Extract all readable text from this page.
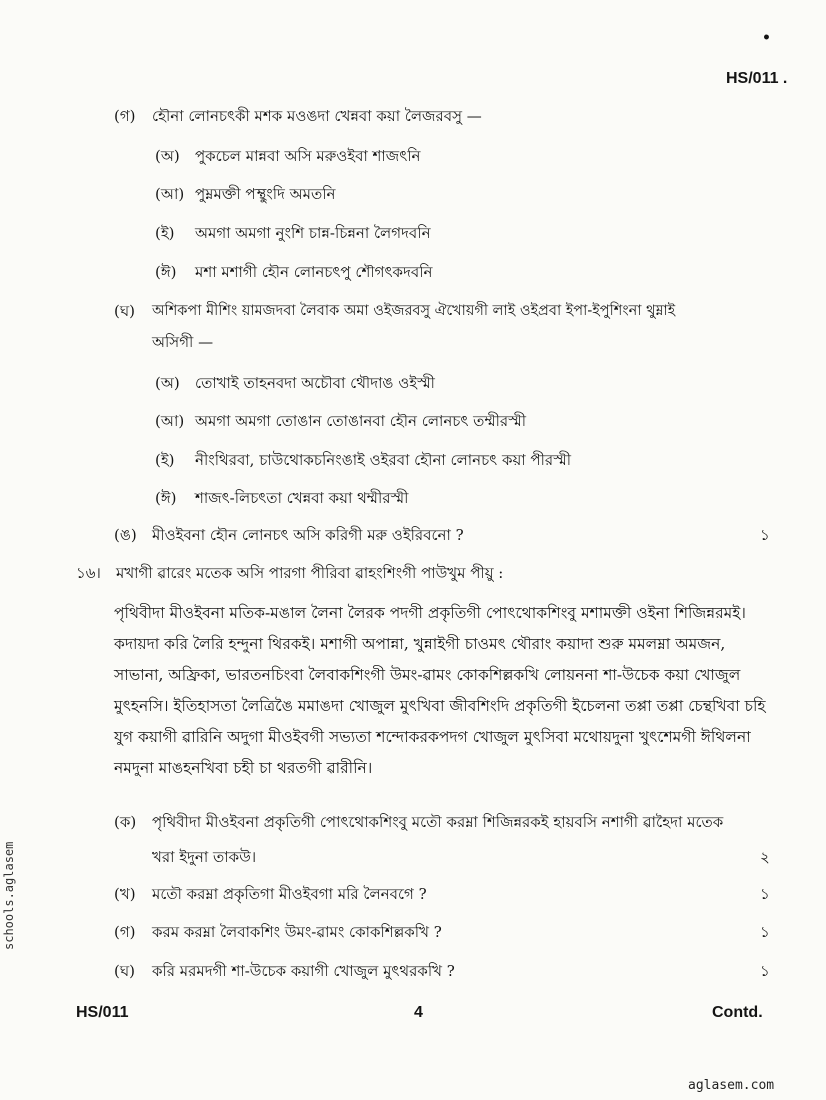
•
HS/011 .
(গ) হৌনা লোনচৎকী মশক মওঙদা খেন্নবা কয়া লৈজরবসু —
(অ) পুকচেল মান্নবা অসি মরুওইবা শাজৎনি
(আ) পুম্নমক্তী পম্থুংদি অমতনি
(ই) অমগা অমগা নুংশি চান্ন-চিন্ননা লৈগদবনি
(ঈ) মশা মশাগী হৌন লোনচৎপু শৌগৎকদবনি
(ঘ) অশিকপা মীশিং য়ামজদবা লৈবাক অমা ওইজরবসু ঐখোয়গী লাই ওইপ্রবা ইপা-ইপুশিংনা থুম্নাই
অসিগী —
(অ) তোখাই তাহনবদা অচৌবা থৌদাঙ ওইস্মী
(আ) অমগা অমগা তোঙান তোঙানবা হৌন লোনচৎ তম্মীরস্মী
(ই) নীংথিরবা, চাউথোকচনিংঙাই ওইরবা হৌনা লোনচৎ কয়া পীরস্মী
(ঈ) শাজৎ-লিচৎতা খেন্নবা কয়া থম্মীরস্মী
(ঙ) মীওইবনা হৌন লোনচৎ অসি করিগী মরু ওইরিবনো ?	১
১৬। মখাগী ৱারেং মতেক অসি পারগা পীরিবা ৱাহংশিংগী পাউখুম পীয়ু :
পৃথিবীদা মীওইবনা মতিক-মঙাল লৈনা লৈরক পদগী প্রকৃতিগী পোৎথোকশিংবু মশামক্তী ওইনা শিজিন্নরমই।
কদায়দা করি লৈরি হন্দুনা থিরকই। মশাগী অপান্না, খুন্নাইগী চাওমৎ থৌরাং কয়াদা শুরু মমলম্না অমজন,
সাভানা, অফ্রিকা, ভারতনচিংবা লৈবাকশিংগী উমং-ৱামং কোকশিল্লকখি লোয়ননা শা-উচেক কয়া খোজুল
মুৎহনসি। ইতিহাসতা লৈত্রিঙৈ মমাঙদা খোজুল মুৎখিবা জীবশিংদি প্রকৃতিগী ইচেলনা তপ্পা তপ্পা চেন্থখিবা চহি
যুগ কয়াগী ৱারিনি অদুগা মীওইবগী সভ্যতা শন্দোকরকপদগ খোজুল মুৎসিবা মথোয়দুনা খুৎশেমগী ঈথিলনা
নমদুনা মাঙহনখিবা চহী চা থরতগী ৱারীনি।
(ক) পৃথিবীদা মীওইবনা প্রকৃতিগী পোৎথোকশিংবু মতৌ করম্না শিজিন্নরকই হায়বসি নশাগী ৱাহৈদা মতেক
খরা ইদুনা তাকউ।	২
(খ) মতৌ করম্না প্রকৃতিগা মীওইবগা মরি লৈনবগে ?	১
(গ) করম করম্না লৈবাকশিং উমং-ৱামং কোকশিল্লকখি ?	১
(ঘ) করি মরমদগী শা-উচেক কয়াগী খোজুল মুৎথরকখি ?	১
HS/011	4	Contd.
schools.aglasem
aglasem.com
